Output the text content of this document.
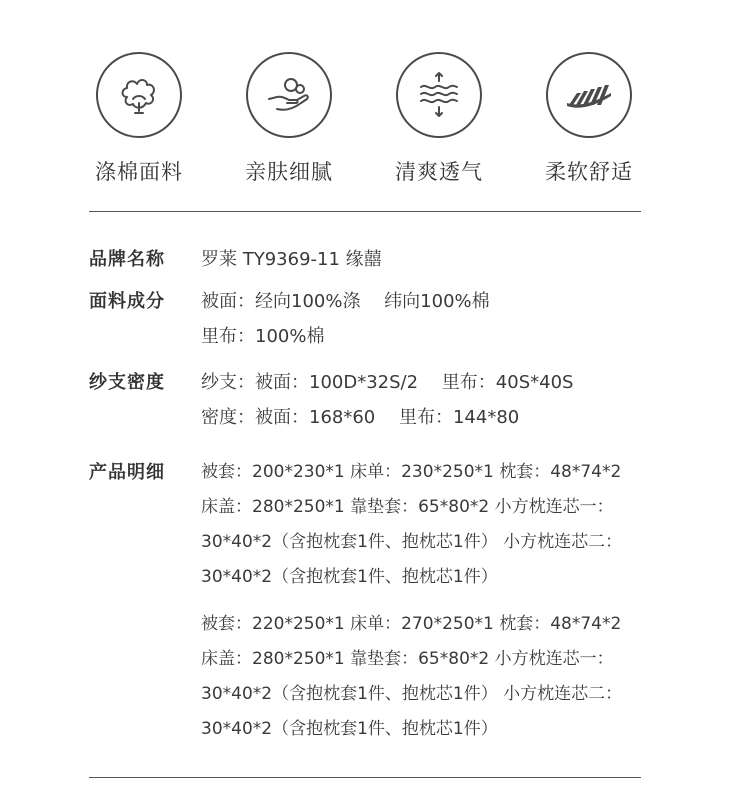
涤棉面料	亲肤细腻	清爽透气	柔软舒适
品牌名称 罗莱 TY9369-11 缘囍
面料成分 被面：经向100%涤　 纬向100%棉
里布：100%棉
纱支密度 纱支：被面：100D*32S/2　 里布：40S*40S
密度：被面：168*60　 里布：144*80
产品明细 被套：200*230*1 床单：230*250*1 枕套：48*74*2
床盖：280*250*1 靠垫套：65*80*2 小方枕连芯一：
30*40*2（含抱枕套1件、抱枕芯1件） 小方枕连芯二：
30*40*2（含抱枕套1件、抱枕芯1件）
被套：220*250*1 床单：270*250*1 枕套：48*74*2
床盖：280*250*1 靠垫套：65*80*2 小方枕连芯一：
30*40*2（含抱枕套1件、抱枕芯1件） 小方枕连芯二：
30*40*2（含抱枕套1件、抱枕芯1件）
